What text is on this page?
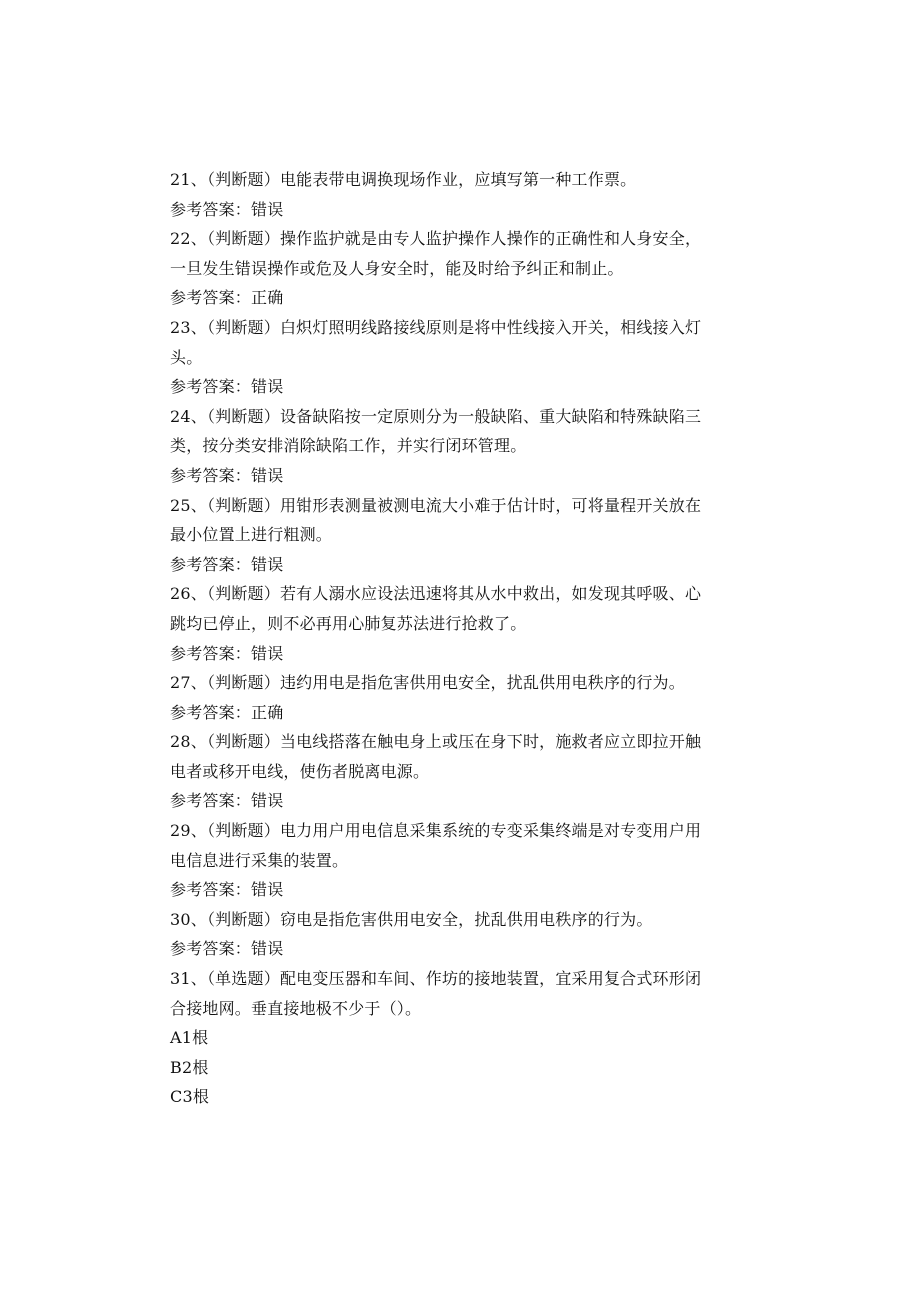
21、（判断题）电能表带电调换现场作业，应填写第一种工作票。
参考答案：错误
22、（判断题）操作监护就是由专人监护操作人操作的正确性和人身安全，
一旦发生错误操作或危及人身安全时，能及时给予纠正和制止。
参考答案：正确
23、（判断题）白炽灯照明线路接线原则是将中性线接入开关，相线接入灯
头。
参考答案：错误
24、（判断题）设备缺陷按一定原则分为一般缺陷、重大缺陷和特殊缺陷三
类，按分类安排消除缺陷工作，并实行闭环管理。
参考答案：错误
25、（判断题）用钳形表测量被测电流大小难于估计时，可将量程开关放在
最小位置上进行粗测。
参考答案：错误
26、（判断题）若有人溺水应设法迅速将其从水中救出，如发现其呼吸、心
跳均已停止，则不必再用心肺复苏法进行抢救了。
参考答案：错误
27、（判断题）违约用电是指危害供用电安全，扰乱供用电秩序的行为。
参考答案：正确
28、（判断题）当电线搭落在触电身上或压在身下时，施救者应立即拉开触
电者或移开电线，使伤者脱离电源。
参考答案：错误
29、（判断题）电力用户用电信息采集系统的专变采集终端是对专变用户用
电信息进行采集的装置。
参考答案：错误
30、（判断题）窃电是指危害供用电安全，扰乱供用电秩序的行为。
参考答案：错误
31、（单选题）配电变压器和车间、作坊的接地装置，宜采用复合式环形闭
合接地网。垂直接地极不少于（）。
A1根
B2根
C3根
